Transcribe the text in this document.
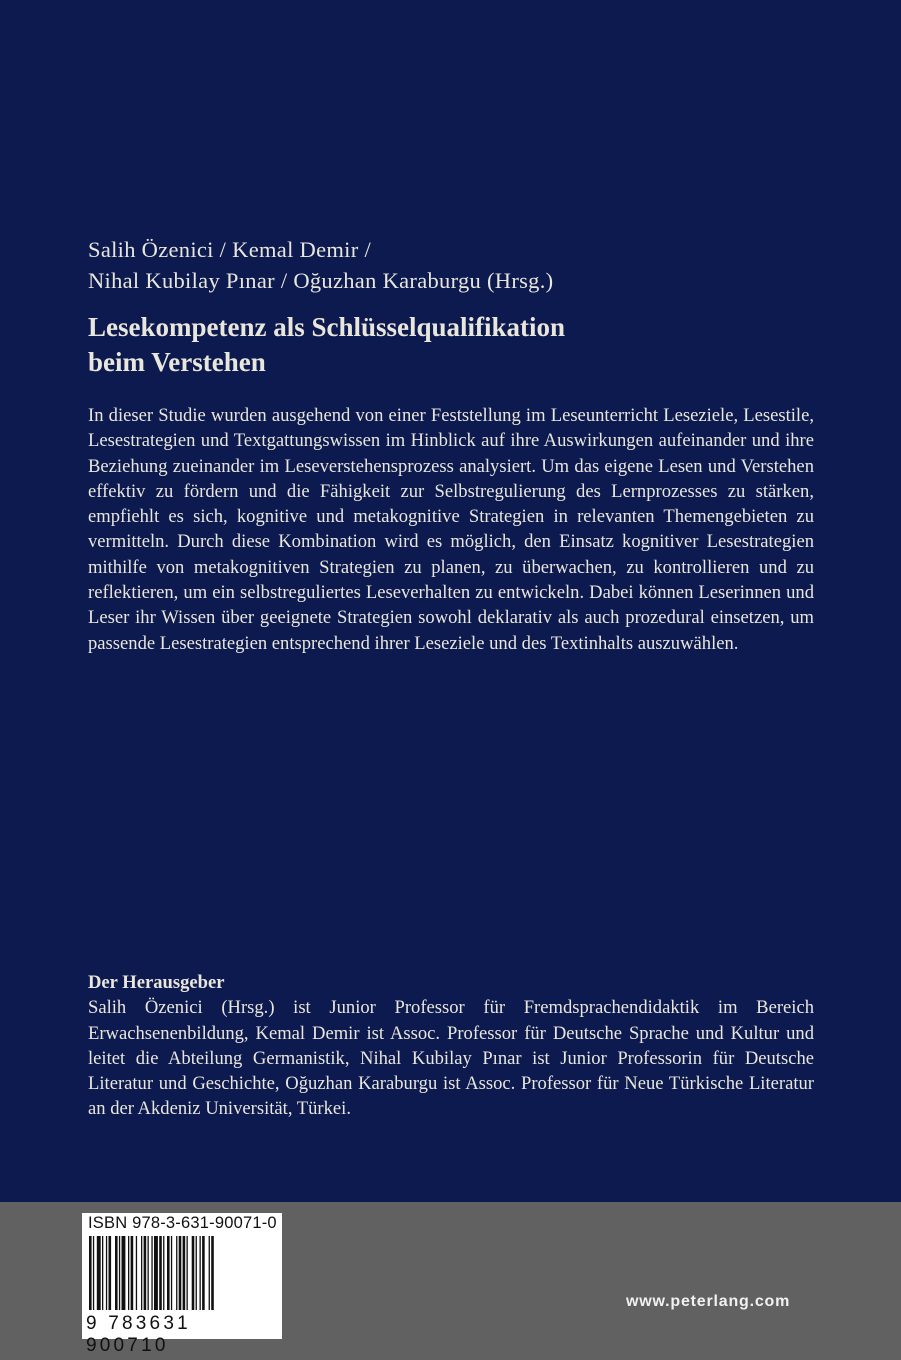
Salih Özenici / Kemal Demir /
Nihal Kubilay Pınar / Oğuzhan Karaburgu (Hrsg.)
Lesekompetenz als Schlüsselqualifikation
beim Verstehen
In dieser Studie wurden ausgehend von einer Feststellung im Leseunterricht Leseziele, Lesestile, Lesestrategien und Textgattungswissen im Hinblick auf ihre Auswirkungen aufeinander und ihre Beziehung zueinander im Leseverstehensprozess analysiert. Um das eigene Lesen und Verstehen effektiv zu fördern und die Fähigkeit zur Selbstregulierung des Lernprozesses zu stärken, empfiehlt es sich, kognitive und metakognitive Strategien in relevanten Themengebieten zu vermitteln. Durch diese Kombination wird es möglich, den Einsatz kognitiver Lesestrategien mithilfe von metakognitiven Strategien zu planen, zu überwachen, zu kontrollieren und zu reflektieren, um ein selbstreguliertes Leseverhalten zu entwickeln. Dabei können Leserinnen und Leser ihr Wissen über geeignete Strategien sowohl deklarativ als auch prozedural einsetzen, um passende Lesestrategien entsprechend ihrer Leseziele und des Textinhalts auszuwählen.
Der Herausgeber
Salih Özenici (Hrsg.) ist Junior Professor für Fremdsprachendidaktik im Bereich Erwachsenenbildung, Kemal Demir ist Assoc. Professor für Deutsche Sprache und Kultur und leitet die Abteilung Germanistik, Nihal Kubilay Pınar ist Junior Professorin für Deutsche Literatur und Geschichte, Oğuzhan Karaburgu ist Assoc. Professor für Neue Türkische Literatur an der Akdeniz Universität, Türkei.
ISBN 978-3-631-90071-0
9 783631 900710
www.peterlang.com
